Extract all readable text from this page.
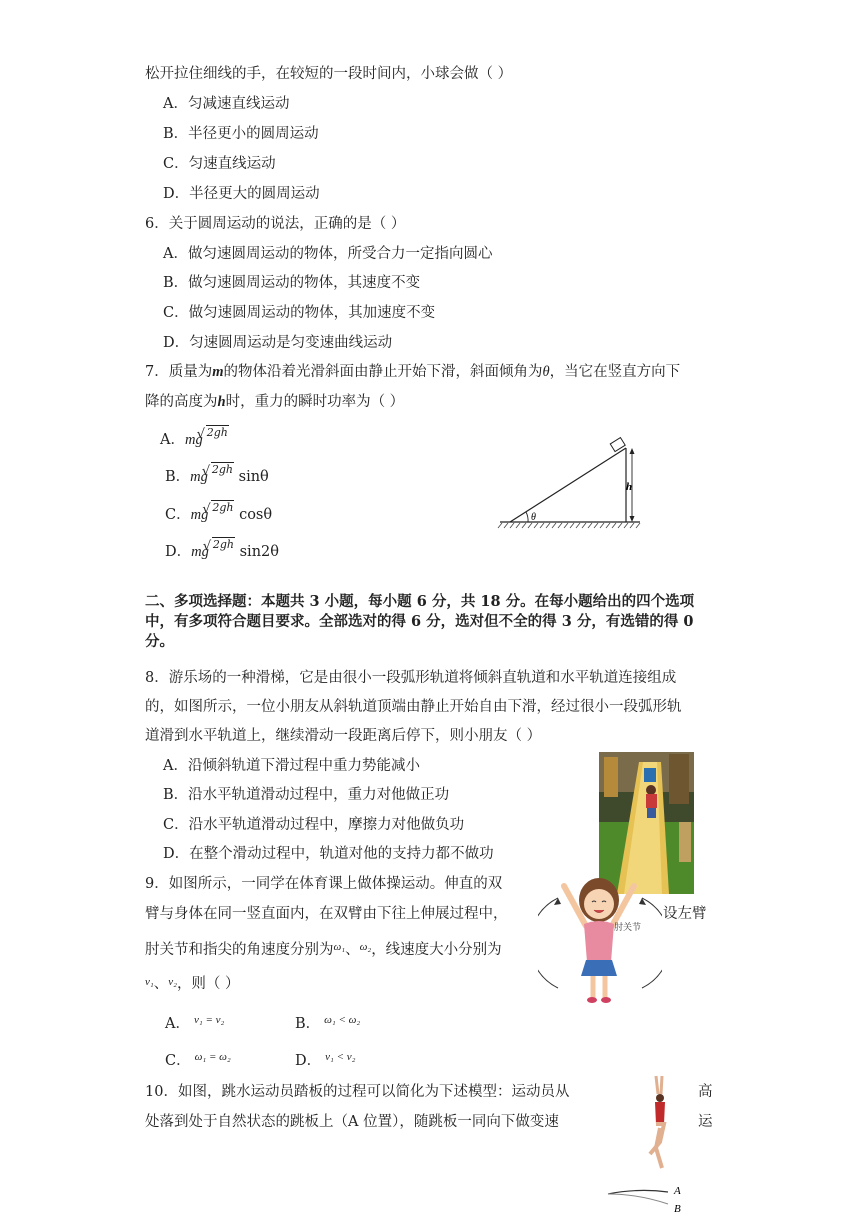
松开拉住细线的手，在较短的一段时间内，小球会做（ ）
A．匀减速直线运动
B．半径更小的圆周运动
C．匀速直线运动
D．半径更大的圆周运动
6．关于圆周运动的说法，正确的是（ ）
A．做匀速圆周运动的物体，所受合力一定指向圆心
B．做匀速圆周运动的物体，其速度不变
C．做匀速圆周运动的物体，其加速度不变
D．匀速圆周运动是匀变速曲线运动
7．质量为m的物体沿着光滑斜面由静止开始下滑，斜面倾角为θ，当它在竖直方向下
降的高度为h时，重力的瞬时功率为（ ）
A．mg √ $^{2gh}$
B．mg √ $^{2gh}$ sinθ
C．mg √ $^{2gh}$ cosθ
D．mg √ $^{2gh}$ sin2θ
θ
h
二、多项选择题：本题共 3 小题，每小题 6 分，共 18 分。在每小题给出的四个选项
中，有多项符合题目要求。全部选对的得 6 分，选对但不全的得 3 分，有选错的得 0
分。
8．游乐场的一种滑梯，它是由很小一段弧形轨道将倾斜直轨道和水平轨道连接组成
的，如图所示，一位小朋友从斜轨道顶端由静止开始自由下滑，经过很小一段弧形轨
道滑到水平轨道上，继续滑动一段距离后停下，则小朋友（ ）
A．沿倾斜轨道下滑过程中重力势能减小
B．沿水平轨道滑动过程中，重力对他做正功
C．沿水平轨道滑动过程中，摩擦力对他做负功
D．在整个滑动过程中，轨道对他的支持力都不做功
9．如图所示，一同学在体育课上做体操运动。伸直的双
臂与身体在同一竖直面内，在双臂由下往上伸展过程中，	设左臂
肘关节和指尖的角速度分别为$^{\omega_1}$、$^{\omega_2}$，线速度大小分别为
$^{v_1}$、$^{v_2}$，则（ ）
A． $^{v_1 = v_2}$	B． $^{\omega_1 < \omega_2}$
C． $^{\omega_1 = \omega_2}$	D． $^{v_1 < v_2}$
肘关节
10．如图，跳水运动员踏板的过程可以简化为下述模型：运动员从	高
处落到处于自然状态的跳板上（A 位置），随跳板一同向下做变速	运
A
B
